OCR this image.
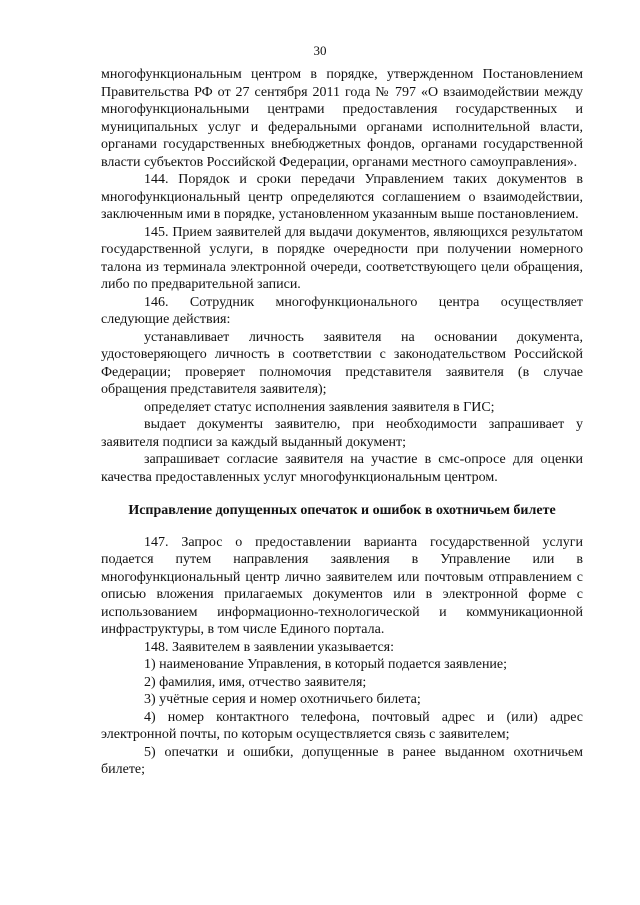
30

многофункциональным центром в порядке, утвержденном Постановлением Правительства РФ от 27 сентября 2011 года № 797 «О взаимодействии между многофункциональными центрами предоставления государственных и муниципальных услуг и федеральными органами исполнительной власти, органами государственных внебюджетных фондов, органами государственной власти субъектов Российской Федерации, органами местного самоуправления».

144. Порядок и сроки передачи Управлением таких документов в многофункциональный центр определяются соглашением о взаимодействии, заключенным ими в порядке, установленном указанным выше постановлением.

145. Прием заявителей для выдачи документов, являющихся результатом государственной услуги, в порядке очередности при получении номерного талона из терминала электронной очереди, соответствующего цели обращения, либо по предварительной записи.

146. Сотрудник многофункционального центра осуществляет следующие действия:

устанавливает личность заявителя на основании документа, удостоверяющего личность в соответствии с законодательством Российской Федерации; проверяет полномочия представителя заявителя (в случае обращения представителя заявителя);

определяет статус исполнения заявления заявителя в ГИС;

выдает документы заявителю, при необходимости запрашивает у заявителя подписи за каждый выданный документ;

запрашивает согласие заявителя на участие в смс-опросе для оценки качества предоставленных услуг многофункциональным центром.

Исправление допущенных опечаток и ошибок в охотничьем билете

147. Запрос о предоставлении варианта государственной услуги подается путем направления заявления в Управление или в многофункциональный центр лично заявителем или почтовым отправлением с описью вложения прилагаемых документов или в электронной форме с использованием информационно-технологической и коммуникационной инфраструктуры, в том числе Единого портала.

148. Заявителем в заявлении указывается:

1) наименование Управления, в который подается заявление;

2) фамилия, имя, отчество заявителя;

3) учётные серия и номер охотничьего билета;

4) номер контактного телефона, почтовый адрес и (или) адрес электронной почты, по которым осуществляется связь с заявителем;

5) опечатки и ошибки, допущенные в ранее выданном охотничьем билете;
